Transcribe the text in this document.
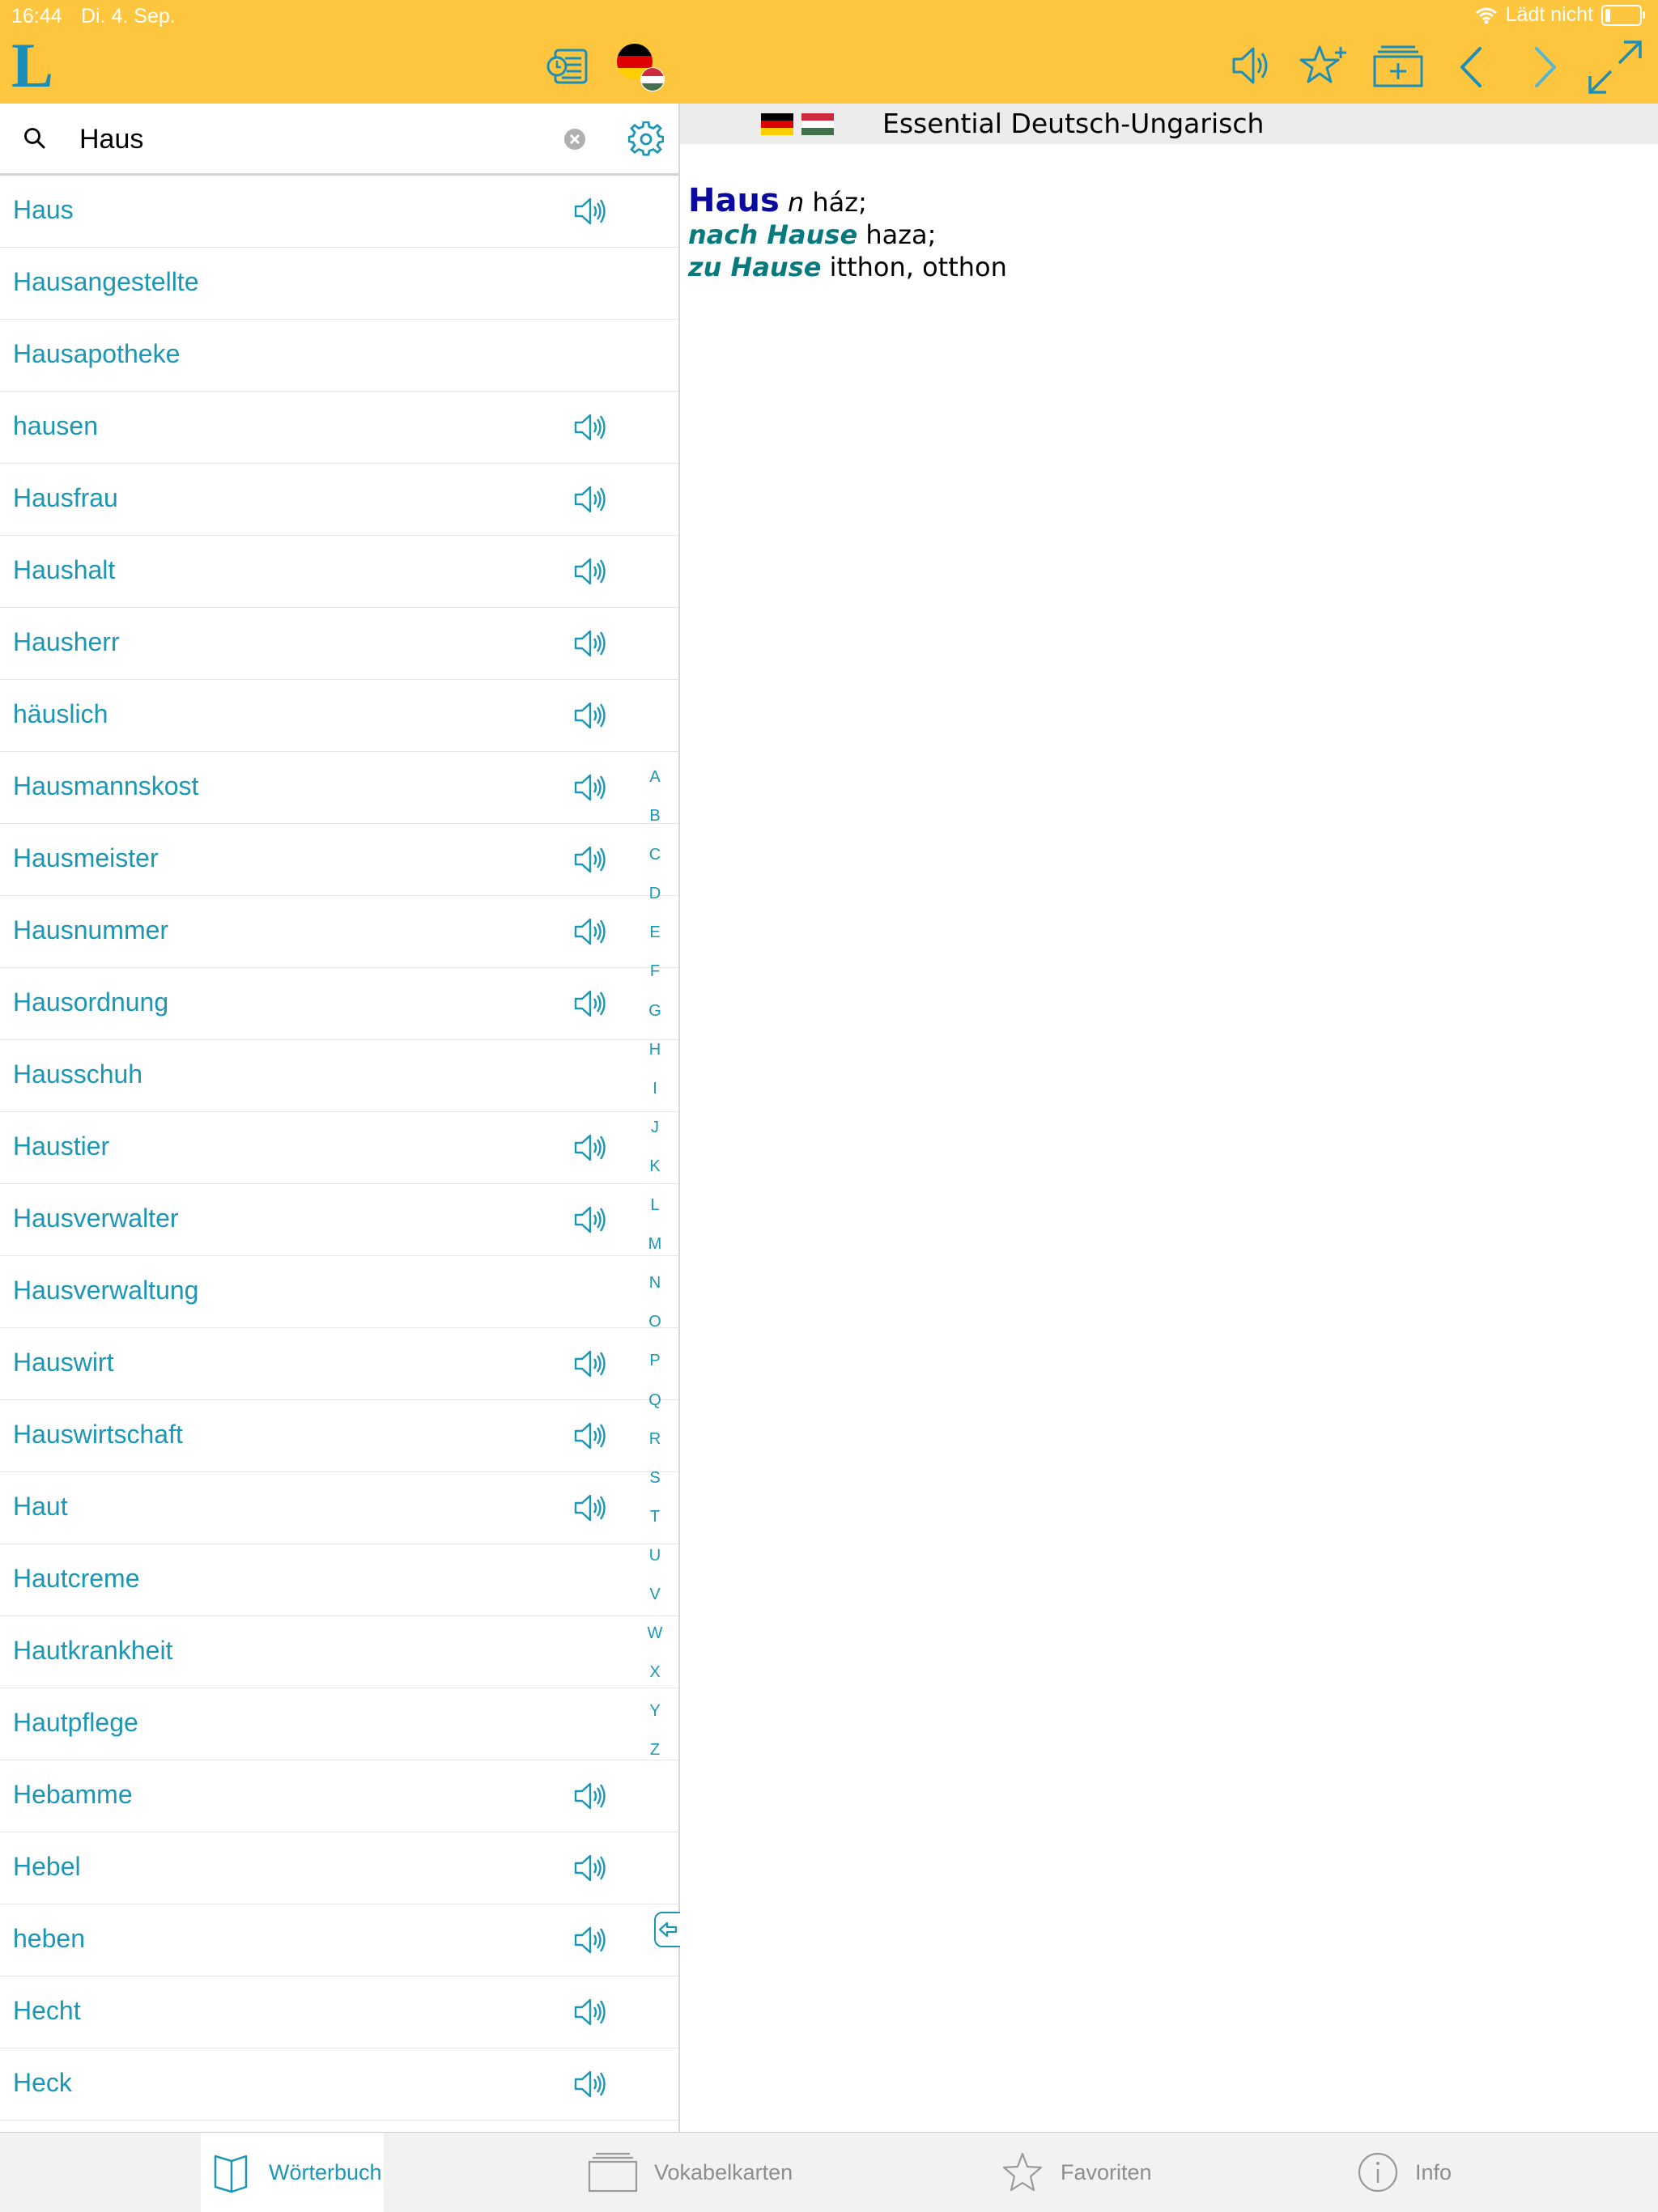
16:44 Di. 4. Sep.	Lädt nicht
L
Haus
Haus
Hausangestellte
Hausapotheke
hausen
Hausfrau
Haushalt
Hausherr
häuslich
Hausmannskost
Hausmeister
Hausnummer
Hausordnung
Hausschuh
Haustier
Hausverwalter
Hausverwaltung
Hauswirt
Hauswirtschaft
Haut
Hautcreme
Hautkrankheit
Hautpflege
Hebamme
Hebel
heben
Hecht
Heck
A
B
C
D
E
F
G
H
I
J
K
L
M
N
O
P
Q
R
S
T
U
V
W
X
Y
Z
Essential Deutsch-Ungarisch
Haus n ház;
nach Hause haza;
zu Hause itthon, otthon
Wörterbuch	Vokabelkarten	Favoriten	Info
